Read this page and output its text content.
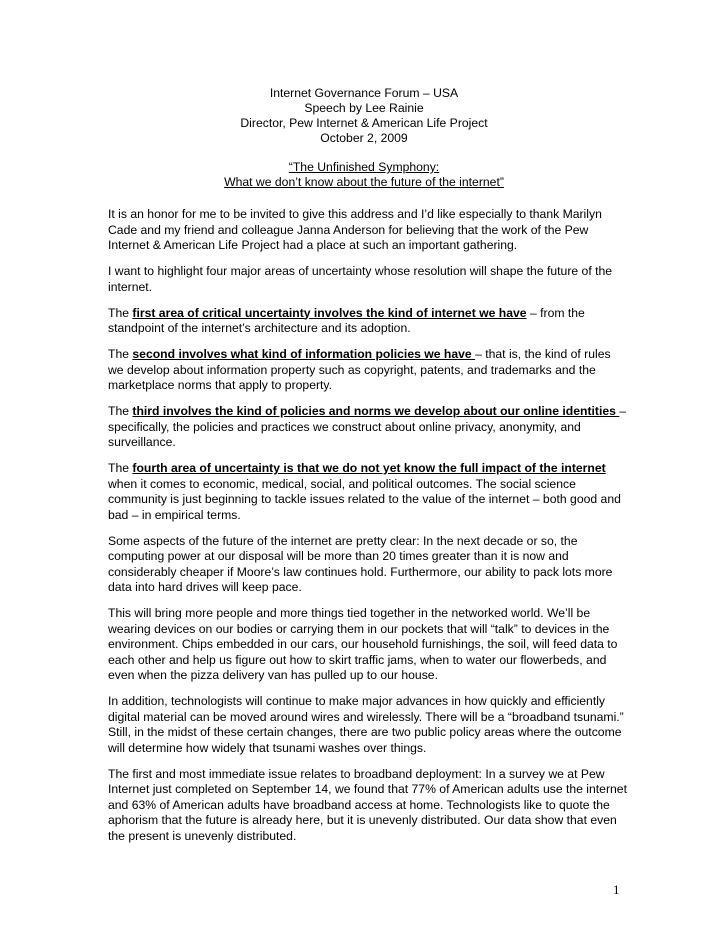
Internet Governance Forum – USA
Speech by Lee Rainie
Director, Pew Internet & American Life Project
October 2, 2009
“The Unfinished Symphony:
What we don’t know about the future of the internet”

It is an honor for me to be invited to give this address and I’d like especially to thank Marilyn Cade and my friend and colleague Janna Anderson for believing that the work of the Pew Internet & American Life Project had a place at such an important gathering.

I want to highlight four major areas of uncertainty whose resolution will shape the future of the internet.

The first area of critical uncertainty involves the kind of internet we have – from the standpoint of the internet’s architecture and its adoption.

The second involves what kind of information policies we have – that is, the kind of rules we develop about information property such as copyright, patents, and trademarks and the marketplace norms that apply to property.

The third involves the kind of policies and norms we develop about our online identities – specifically, the policies and practices we construct about online privacy, anonymity, and surveillance.

The fourth area of uncertainty is that we do not yet know the full impact of the internet when it comes to economic, medical, social, and political outcomes. The social science community is just beginning to tackle issues related to the value of the internet – both good and bad – in empirical terms.

Some aspects of the future of the internet are pretty clear: In the next decade or so, the computing power at our disposal will be more than 20 times greater than it is now and considerably cheaper if Moore’s law continues hold. Furthermore, our ability to pack lots more data into hard drives will keep pace.

This will bring more people and more things tied together in the networked world. We’ll be wearing devices on our bodies or carrying them in our pockets that will “talk” to devices in the environment. Chips embedded in our cars, our household furnishings, the soil, will feed data to each other and help us figure out how to skirt traffic jams, when to water our flowerbeds, and even when the pizza delivery van has pulled up to our house.

In addition, technologists will continue to make major advances in how quickly and efficiently digital material can be moved around wires and wirelessly. There will be a “broadband tsunami.” Still, in the midst of these certain changes, there are two public policy areas where the outcome will determine how widely that tsunami washes over things.

The first and most immediate issue relates to broadband deployment: In a survey we at Pew Internet just completed on September 14, we found that 77% of American adults use the internet and 63% of American adults have broadband access at home. Technologists like to quote the aphorism that the future is already here, but it is unevenly distributed. Our data show that even the present is unevenly distributed.

1
